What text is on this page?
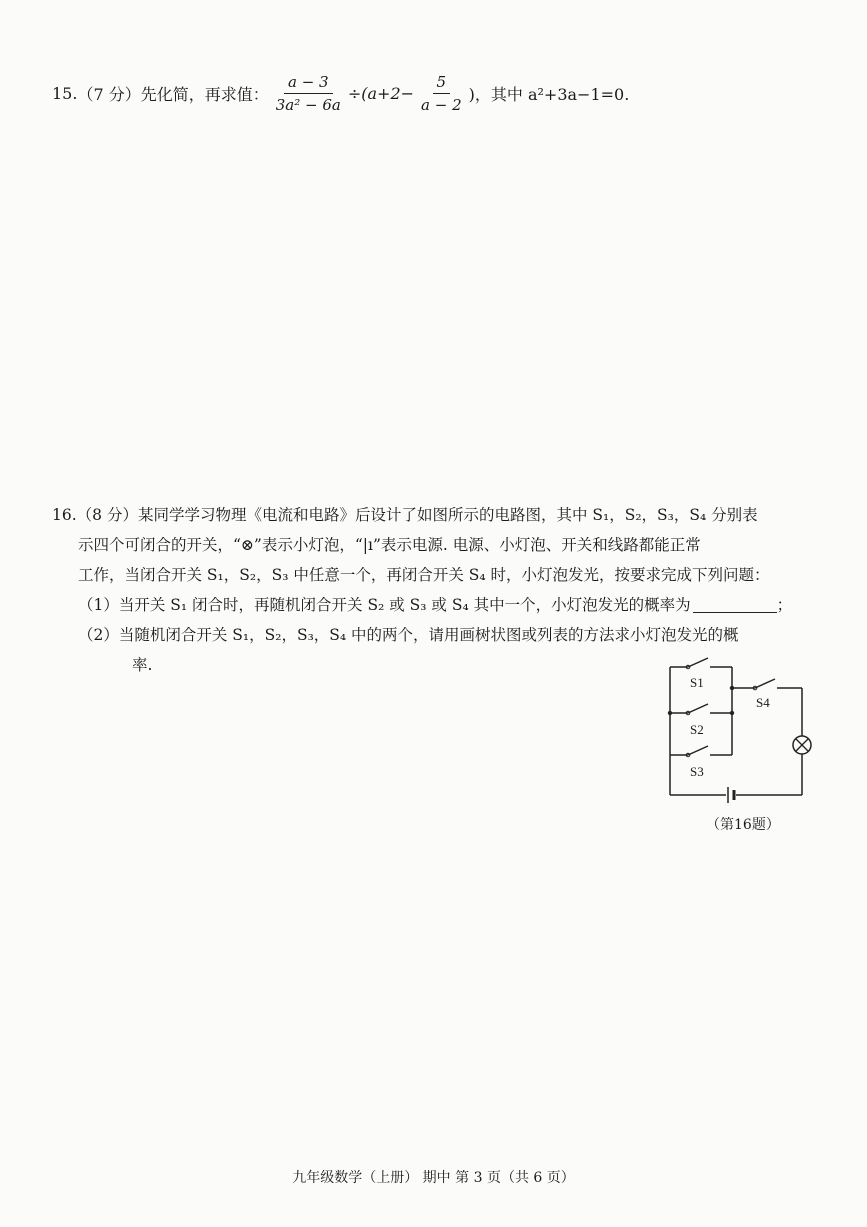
15. （7 分） 先化简，再求值： $\frac{a - 3}{\text{3a² − 6a}} \div (a+2- \frac{5}{a - 2}$ )，其中 a²+3a−1=0.

16.（8 分）某同学学习物理《电流和电路》后设计了如图所示的电路图，其中 S₁，S₂，S₃，S₄ 分别表

示四个可闭合的开关，“⊗”表示小灯泡，“|ı”表示电源. 电源、小灯泡、开关和线路都能正常

工作，当闭合开关 S₁，S₂，S₃ 中任意一个，再闭合开关 S₄ 时，小灯泡发光，按要求完成下列问题：

（1）当开关 S₁ 闭合时，再随机闭合开关 S₂ 或 S₃ 或 S₄ 其中一个，小灯泡发光的概率为	；

（2）当随机闭合开关 S₁，S₂，S₃，S₄ 中的两个，请用画树状图或列表的方法求小灯泡发光的概

率.

S1
S2
S3
S4
（第16题）
九年级数学（上册） 期中 第 3 页（共 6 页）
